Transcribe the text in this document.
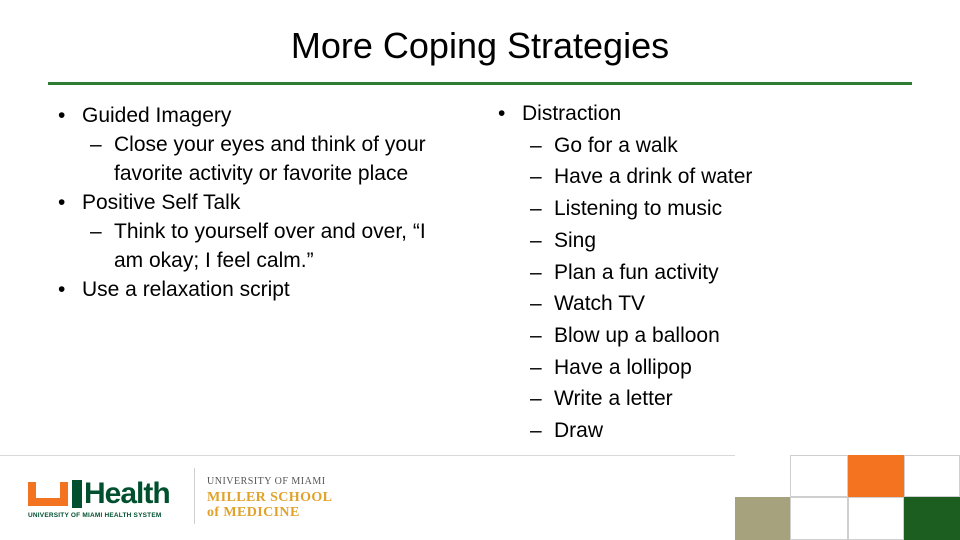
More Coping Strategies
• Guided Imagery
– Close your eyes and think of your favorite activity or favorite place
• Positive Self Talk
– Think to yourself over and over, “I am okay; I feel calm.”
• Use a relaxation script
• Distraction
– Go for a walk
– Have a drink of water
– Listening to music
– Sing
– Plan a fun activity
– Watch TV
– Blow up a balloon
– Have a lollipop
– Write a letter
– Draw
Health
UNIVERSITY OF MIAMI HEALTH SYSTEM
UNIVERSITY OF MIAMI
MILLER SCHOOL
of MEDICINE
